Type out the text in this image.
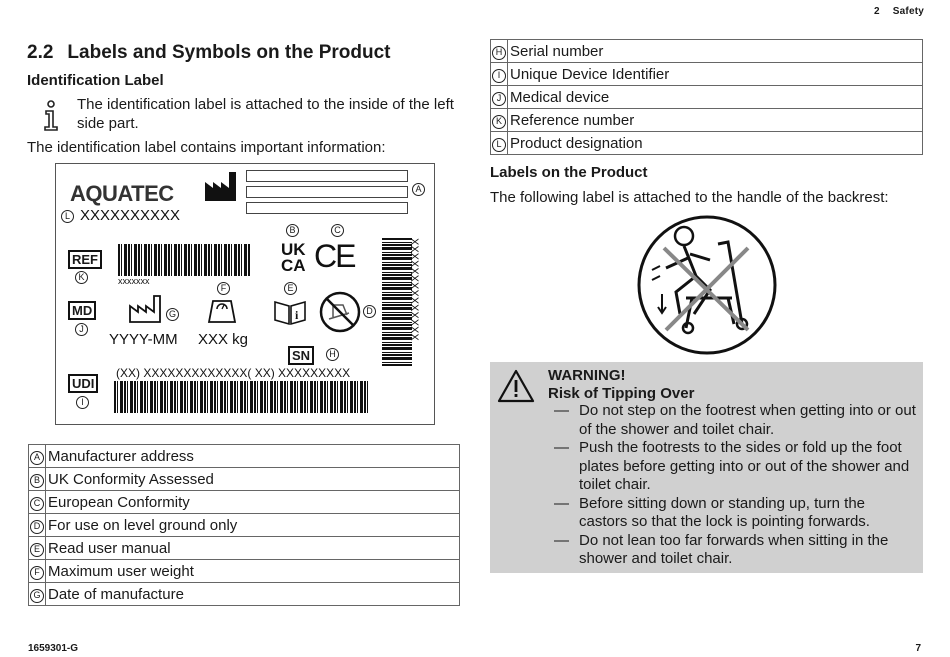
2 Safety
2.2 Labels and Symbols on the Product
Identification Label
The identification label is attached to the inside of the left side part.
The identification label contains important information:
AQUATEC	A
L XXXXXXXXXX
B	C
REF
K	xxxxxxx
UK
CA CE	XXXXXXXXXXXXXX
F	E
MD
J
G	i	D
YYYY-MM XXX kg
SN	H
UDI
I
(XX) XXXXXXXXXXXXX( XX) XXXXXXXXX
A	Manufacturer address
B	UK Conformity Assessed
C	European Conformity
D	For use on level ground only
E	Read user manual
F	Maximum user weight
G	Date of manufacture
H	Serial number
I	Unique Device Identifier
J	Medical device
K	Reference number
L	Product designation
Labels on the Product
The following label is attached to the handle of the backrest:
WARNING!
Risk of Tipping Over
— Do not step on the footrest when getting into or out of the shower and toilet chair.
— Push the footrests to the sides or fold up the foot plates before getting into or out of the shower and toilet chair.
— Before sitting down or standing up, turn the castors so that the lock is pointing forwards.
— Do not lean too far forwards when sitting in the shower and toilet chair.
1659301-G	7
